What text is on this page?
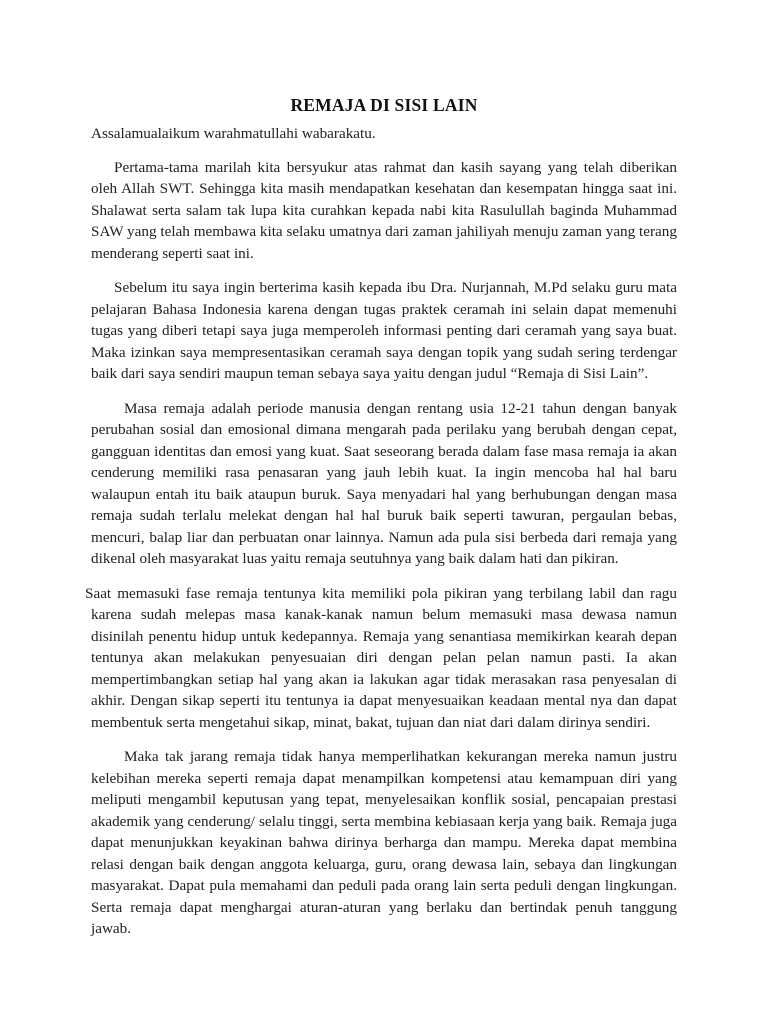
REMAJA DI SISI LAIN

Assalamualaikum warahmatullahi wabarakatu.

Pertama-tama marilah kita bersyukur atas rahmat dan kasih sayang yang telah diberikan oleh Allah SWT. Sehingga kita masih mendapatkan kesehatan dan kesempatan hingga saat ini. Shalawat serta salam tak lupa kita curahkan kepada nabi kita Rasulullah baginda Muhammad SAW yang telah membawa kita selaku umatnya dari zaman jahiliyah menuju zaman yang terang menderang seperti saat ini.

Sebelum itu saya ingin berterima kasih kepada ibu Dra. Nurjannah, M.Pd selaku guru mata pelajaran Bahasa Indonesia karena dengan tugas praktek ceramah ini selain dapat memenuhi tugas yang diberi tetapi saya juga memperoleh informasi penting dari ceramah yang saya buat. Maka izinkan saya mempresentasikan ceramah saya dengan topik yang sudah sering terdengar baik dari saya sendiri maupun teman sebaya saya yaitu dengan judul “Remaja di Sisi Lain”.

Masa remaja adalah periode manusia dengan rentang usia 12-21 tahun dengan banyak perubahan sosial dan emosional dimana mengarah pada perilaku yang berubah dengan cepat, gangguan identitas dan emosi yang kuat. Saat seseorang berada dalam fase masa remaja ia akan cenderung memiliki rasa penasaran yang jauh lebih kuat. Ia ingin mencoba hal hal baru walaupun entah itu baik ataupun buruk. Saya menyadari hal yang berhubungan dengan masa remaja sudah terlalu melekat dengan hal hal buruk baik seperti tawuran, pergaulan bebas, mencuri, balap liar dan perbuatan onar lainnya. Namun ada pula sisi berbeda dari remaja yang dikenal oleh masyarakat luas yaitu remaja seutuhnya yang baik dalam hati dan pikiran.

Saat memasuki fase remaja tentunya kita memiliki pola pikiran yang terbilang labil dan ragu karena sudah melepas masa kanak-kanak namun belum memasuki masa dewasa namun disinilah penentu hidup untuk kedepannya. Remaja yang senantiasa memikirkan kearah depan tentunya akan melakukan penyesuaian diri dengan pelan pelan namun pasti. Ia akan mempertimbangkan setiap hal yang akan ia lakukan agar tidak merasakan rasa penyesalan di akhir. Dengan sikap seperti itu tentunya ia dapat menyesuaikan keadaan mental nya dan dapat membentuk serta mengetahui sikap, minat, bakat, tujuan dan niat dari dalam dirinya sendiri.

Maka tak jarang remaja tidak hanya memperlihatkan kekurangan mereka namun justru kelebihan mereka seperti remaja dapat menampilkan kompetensi atau kemampuan diri yang meliputi mengambil keputusan yang tepat, menyelesaikan konflik sosial, pencapaian prestasi akademik yang cenderung/ selalu tinggi, serta membina kebiasaan kerja yang baik. Remaja juga dapat menunjukkan keyakinan bahwa dirinya berharga dan mampu. Mereka dapat membina relasi dengan baik dengan anggota keluarga, guru, orang dewasa lain, sebaya dan lingkungan masyarakat. Dapat pula memahami dan peduli pada orang lain serta peduli dengan lingkungan. Serta remaja dapat menghargai aturan-aturan yang berlaku dan bertindak penuh tanggung jawab.
